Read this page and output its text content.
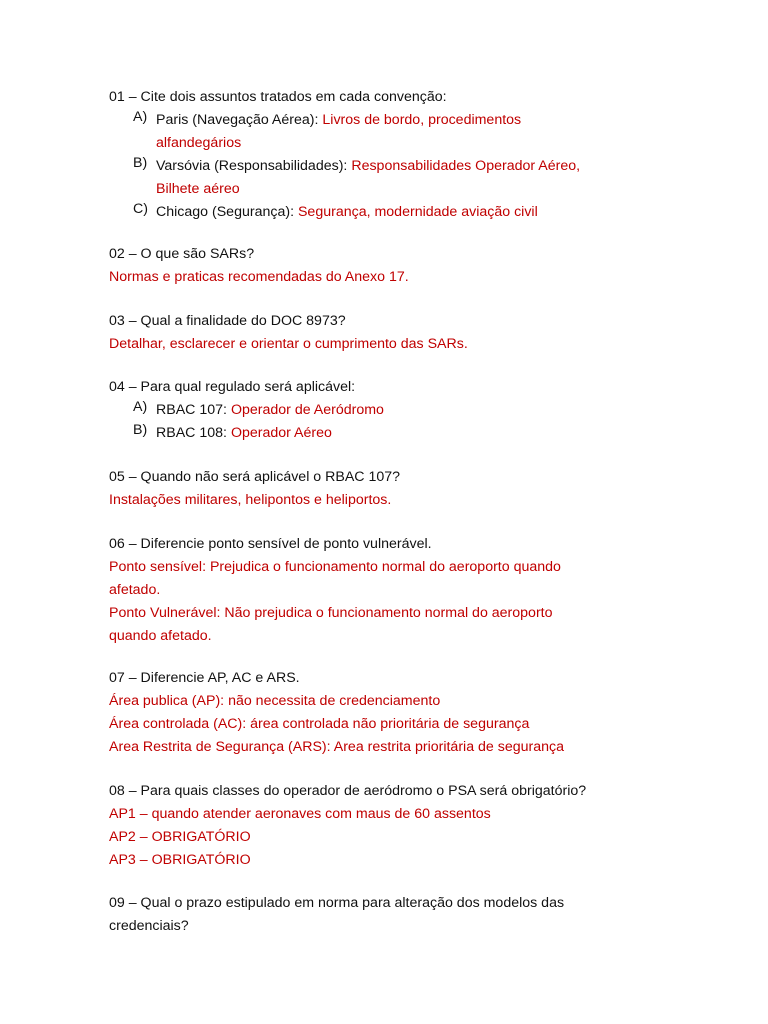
01 – Cite dois assuntos tratados em cada convenção:
A) Paris (Navegação Aérea): Livros de bordo, procedimentos
alfandegários
B) Varsóvia (Responsabilidades): Responsabilidades Operador Aéreo,
Bilhete aéreo
C) Chicago (Segurança): Segurança, modernidade aviação civil
02 – O que são SARs?
Normas e praticas recomendadas do Anexo 17.
03 – Qual a finalidade do DOC 8973?
Detalhar, esclarecer e orientar o cumprimento das SARs.
04 – Para qual regulado será aplicável:
A) RBAC 107: Operador de Aeródromo
B) RBAC 108: Operador Aéreo
05 – Quando não será aplicável o RBAC 107?
Instalações militares, helipontos e heliportos.
06 – Diferencie ponto sensível de ponto vulnerável.
Ponto sensível: Prejudica o funcionamento normal do aeroporto quando
afetado.
Ponto Vulnerável: Não prejudica o funcionamento normal do aeroporto
quando afetado.
07 – Diferencie AP, AC e ARS.
Área publica (AP): não necessita de credenciamento
Área controlada (AC): área controlada não prioritária de segurança
Area Restrita de Segurança (ARS): Area restrita prioritária de segurança
08 – Para quais classes do operador de aeródromo o PSA será obrigatório?
AP1 – quando atender aeronaves com maus de 60 assentos
AP2 – OBRIGATÓRIO
AP3 – OBRIGATÓRIO
09 – Qual o prazo estipulado em norma para alteração dos modelos das
credenciais?
